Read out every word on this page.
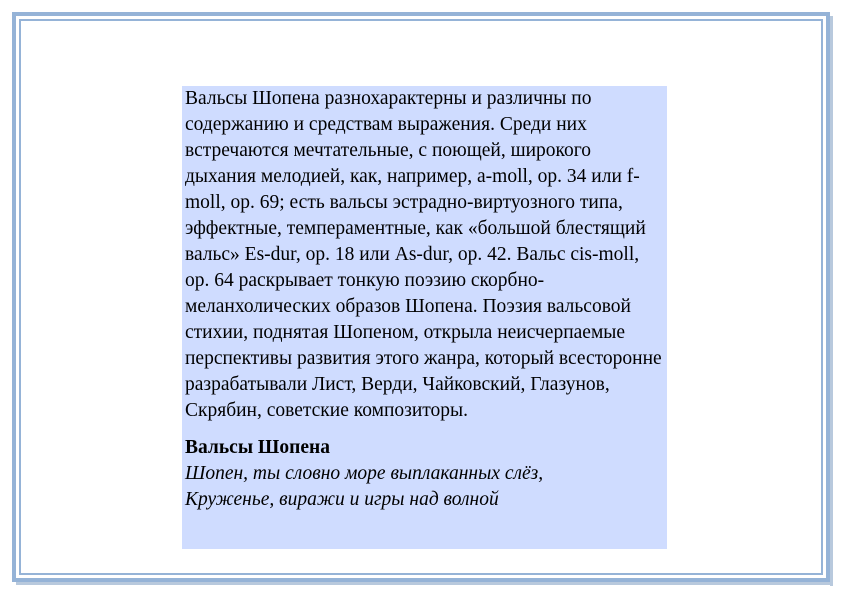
Вальсы Шопена разнохарактерны и различны по содержанию и средствам выражения. Среди них встречаются мечтательные, с поющей, широкого дыхания мелодией, как, например, a-moll, op. 34 или f-moll, op. 69; есть вальсы эстрадно-виртуозного типа, эффектные, темпераментные, как «большой блестящий вальс» Es-dur, op. 18 или As-dur, op. 42. Вальс cis-moll, op. 64 раскрывает тонкую поэзию скорбно-меланхолических образов Шопена. Поэзия вальсовой стихии, поднятая Шопеном, открыла неисчерпаемые перспективы развития этого жанра, который всесторонне разрабатывали Лист, Верди, Чайковский, Глазунов, Скрябин, советские композиторы.

Вальсы Шопена

Шопен, ты словно море выплаканных слёз,

Круженье, виражи и игры над волной
